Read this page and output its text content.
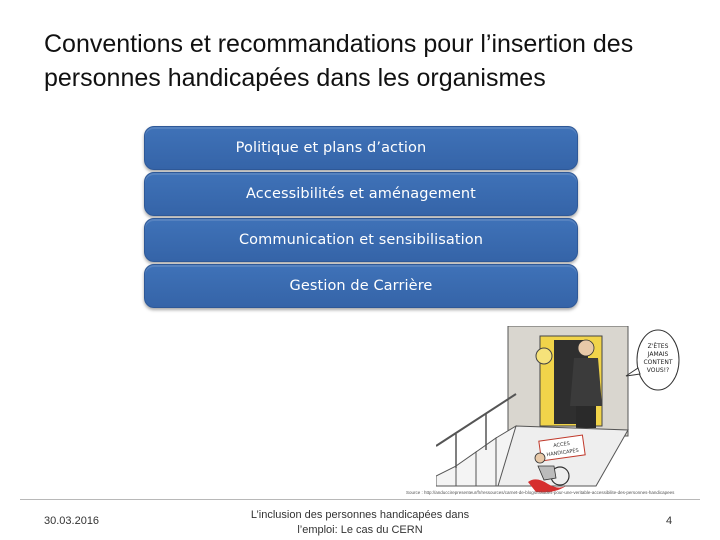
Conventions et recommandations pour l’insertion des personnes handicapées dans les organismes
Politique et plans d’action
Accessibilités et aménagement
Communication et sensibilisation
Gestion de Carrière
Z'ÊTES
JAMAIS
CONTENT
VOUS!?
ACCÈS
HANDICAPÉS
Source : http://anduccirepresenteur/fr/ressources/carnet-de-blogs/traudes-pour-une-veritable-accessibilite-des-personnes-handicapees
30.03.2016	L’inclusion des personnes handicapées dans l’emploi: Le cas du CERN
4
